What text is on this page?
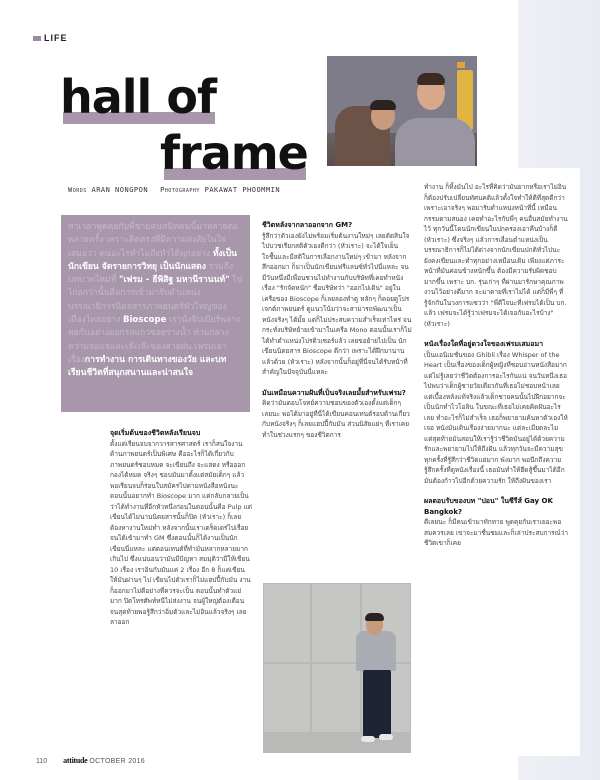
LIFE
hall of
frame
Words ARAN NONGPON Photography PAKAWAT PHOOMMIN
หาเวลาพูดคุยกับพี่ชายคนสนิทคนนี้มาหลายต่อหลายครั้ง เพราะคิดตรงที่มีความสงสัยในใจเสมอว่า คนอะไรทำไมถึงทำได้ทุกอย่าง ทั้งเป็นนักเขียน จัดรายการวิทยุ เป็นนักแสดง รวมถึงบทบาทใหม่ที่ "เฟรม - ธีพิสิฐ มหานีรานนท์" ไปไกลกว่านั้นคือการเข้ามารับตำแหน่งบรรณาธิการนิตยสารภาพยนตร์หัวใหญ่ของเมืองไทยอย่าง Bioscope เรานั่งจิบเบียร์พลางคุยกันอย่างออกรสแถวซอยรางน้ำ ท่ามกลางความจอแจและเจ๊ะเจ๊ะของสายฝน เฟรมเล่าเรื่องการทำงาน การเดินทางของวัย และบทเรียนชีวิตที่สนุกสนานและน่าสนใจ
จุดเริ่มต้นของชีวิตหลังเรียนจบ

ตั้งแต่เรียนจบจากวารสารศาสตร์ เราก็สนใจงานด้านภาพยนตร์เป็นพิเศษ คืออะไรก็ได้เกี่ยวกับภาพยนตร์ชอบหมด จะเขียนถึง จะแสดง หรือออกกองได้หมด จริงๆ ชอบมันมาตั้งแต่สมัยเด็กๆ แล้ว พอเรียนจบก็ร่อนใบสมัครไปตามหนังสือหนังนะ ตอนนั้นอยากทำ Bioscope มาก แต่กลับกลายเป็นว่าได้ทำงานที่อีกหัวหนึ่งก่อนในตอนนั้นคือ Pulp แต่เขียนได้ไม่นานนิตยสารนั้นก็ปิด (หัวเราะ) ก็เลยต้องหางานใหม่ทำ หลังจากนั้นเราเตร็ดเตร่ไปเรื่อย จนได้เข้ามาทำ GM ซึ่งตอนนั้นก็ได้งานเป็นนักเขียนนี่แหละ แต่ตอนเทนต์ที่ทำมันหลากหลายมากเกินไป ซึ่งแน่นอนว่ามันมีปัญหา สมมุติว่ามีให้เขียน 10 เรื่อง เราอินกับมันแค่ 2 เรื่อง อีก 8 ก็แค่เขียนให้มันผ่านๆ ไป เขียนไปตัวเราก็ไม่แฮปปี้กับมัน งานก็ออกมาไม่ดีอย่างที่ควรจะเป็น ตอนนั้นทำตัวแย่มาก ปิดโทรศัพท์หนีไม่ส่งงาน จนผู้ใหญ่ต้องเตือน จนสุดท้ายพอรู้สึกว่าอิ่มตัวและไม่อินแล้วจริงๆ เลยลาออก

ชีวิตหลังจากลาออกจาก GM?

รู้สึกว่าตัวเองยังไม่พร้อมเริ่มต้นงานใหม่ๆ เลยตัดสินใจไปบวชเรียกสติตัวเองดีกว่า (หัวเราะ) จะได้ใจเย็น ใจชื้นและมีสติในการเลือกงานใหม่ๆ เข้ามา หลังจากสึกออกมา ก็มาเป็นนักเขียนฟรีแลนซ์ทั่วไปนี่แหละ จนมีวันหนึ่งมีเพื่อนชวนไปทำงานกับบริษัทที่เคยทำหนังเรื่อง "รักจัดหนัก" ชื่อบริษัทว่า "ออกไปเดิน" อยู่ในเครือของ Bioscope ก็เลยลองทำดู หลักๆ ก็คอยดูโปรเจกต์ภาพยนตร์ ดูแนวโน้มว่าจะสามารถพัฒนาเป็นหนังจริงๆ ได้มั้ย แต่ก็ไม่ประสบความสำเร็จเท่าไหร่ จนกระทั่งบริษัทย้ายเข้ามาในเครือ Mono ตอนนั้นเราก็ไม่ได้ทำตำแหน่งโปรดิวเซอร์แล้ว เลยขอย้ายไปเป็น นักเขียนนิตยสาร Bioscope ดีกว่า เพราะได้ฝึกมานานแล้วด้วย (หัวเราะ) หลังจากนั้นก็อยู่ที่นี่จนได้รับหน้าที่สำคัญในปัจจุบันนี่แหละ

มันเหมือนความฝันที่เป็นจริงเลยมั้ยสำหรับเฟรม?

คิดว่ามันตอบโจทย์ความชอบของตัวเองตั้งแต่เด็กๆ เลยนะ พอได้มาอยู่ที่นี่ได้เขียนคอนเทนต์รอบด้านเกี่ยวกับหนังจริงๆ ก็เลยแฮปปี้กับมัน ส่วนนิสัยแย่ๆ ที่เราเคยทำในช่วงแรกๆ ของชีวิตการ

ทำงาน ก็ทิ้งมันไป อะไรที่คิดว่ามันยากหรือเราไม่อินก็ต้องปรับเปลี่ยนทัศนคติแล้วตั้งใจทำให้ดีที่สุดดีกว่า เพราะเอาจริงๆ พอมารับตำแหน่งหน้าที่นี้ เหมือนกรรมตามสนอง เคยทำอะไรกับพี่ๆ คนอื่นสมัยทำงานไว้ ทุกวันนี้โดนนักเขียนในปกครองเอาคืนบ้างก็ดี (หัวเราะ) ซึ่งจริงๆ แล้วการเลื่อนตำแหน่งเป็นบรรณาธิการก็ไม่ได้ต่างจากนักเขียนปกติทั่วไปนะ ยังคงเขียนและทำทุกอย่างเหมือนเดิม เพียงแต่ภาระหน้าที่มันค่อนข้างหนักขึ้น ต้องมีความรับผิดชอบมากขึ้น เพราะ บก. รุ่นเก่าๆ ที่ผ่านมารักษาคุณภาพงานไว้อย่างดีมาก จะมาตายที่เราไม่ได้ แต่ก็มีพี่ๆ ที่รู้จักกันในวงการแซวว่า "พี่ดีใจนะที่เฟรมได้เป็น บก. แล้ว เฟรมจะได้รู้ว่าเฟรมจะได้เจอกับอะไรบ้าง" (หัวเราะ)

หนังเรื่องใดที่อยู่ดวงใจของเฟรมเสมอมา

เป็นแอนิเมชั่นของ Ghibli เรื่อง Whisper of the Heart เป็นเรื่องของเด็กผู้หญิงที่ชอบอ่านหนังสือมาก แต่ไม่รู้เลยว่าชีวิตต้องการอะไรกันแน่ จนวันหนึ่งเธอไปพบว่าเด็กผู้ชายวัยเดียวกันที่เธอไม่ชอบหน้าเลย แต่เบื้องหลังแท้จริงแล้วเด็กชายคนนั้นไปฝึกอยากจะเป็นนักทำไวโอลิน ในขณะที่เธอไม่เคยคิดฝันอะไรเลย ทำอะไรก็ไม่สำเร็จ เธอก็พยายามค้นหาตัวเองให้เจอ หนังมันเดินเรื่องง่ายมากนะ แต่ละเมียดละไม แต่สุดท้ายมันสอนให้เรารู้ว่าชีวิตมันอยู่ได้ด้วยความรักและพยายามไปให้ถึงฝัน แล้วทุกวันจะมีความสุข ทุกครั้งที่รู้สึกว่าชีวิตแย่มาก พังมาก พอนึกถึงความรู้สึกครั้งที่ดูหนังเรื่องนี้ เธอมันทำให้ฮึดสู้ขึ้นมาได้อีก มันต้องก้าวไปอีกด้วยความรัก ให้ถึงฝันของเรา

ผลตอบรับของบท "ปอน" ในซีรีส์ Gay OK Bangkok?

ดีเลยนะ ก็มีคนเข้ามาทักทาย พูดคุยกับเราเยอะพอสมควรเลย เขาจะมาชื่นชมและก็เล่าประสบการณ์ว่าชีวิตเขาก็เคย

110 attitude OCTOBER 2016
